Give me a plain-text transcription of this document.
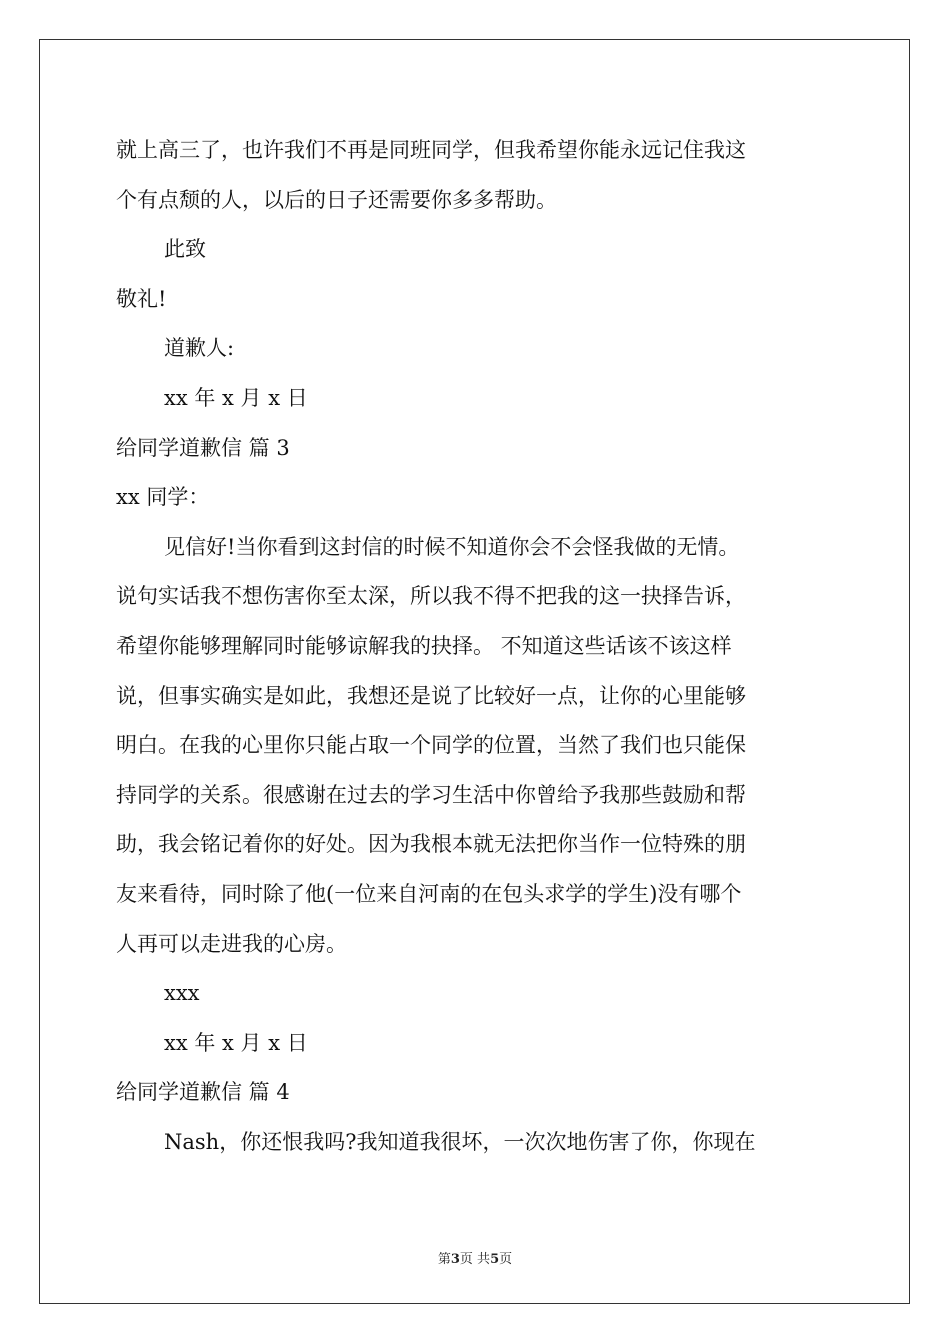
就上高三了，也许我们不再是同班同学，但我希望你能永远记住我这
个有点颓的人，以后的日子还需要你多多帮助。
此致
敬礼!
道歉人:
xx 年 x 月 x 日
给同学道歉信 篇 3
xx 同学：
见信好!当你看到这封信的时候不知道你会不会怪我做的无情。
说句实话我不想伤害你至太深，所以我不得不把我的这一抉择告诉，
希望你能够理解同时能够谅解我的抉择。 不知道这些话该不该这样
说，但事实确实是如此，我想还是说了比较好一点，让你的心里能够
明白。在我的心里你只能占取一个同学的位置，当然了我们也只能保
持同学的关系。很感谢在过去的学习生活中你曾给予我那些鼓励和帮
助，我会铭记着你的好处。因为我根本就无法把你当作一位特殊的朋
友来看待，同时除了他(一位来自河南的在包头求学的学生)没有哪个
人再可以走进我的心房。
xxx
xx 年 x 月 x 日
给同学道歉信 篇 4
Nash，你还恨我吗?我知道我很坏，一次次地伤害了你，你现在
第3页 共5页
